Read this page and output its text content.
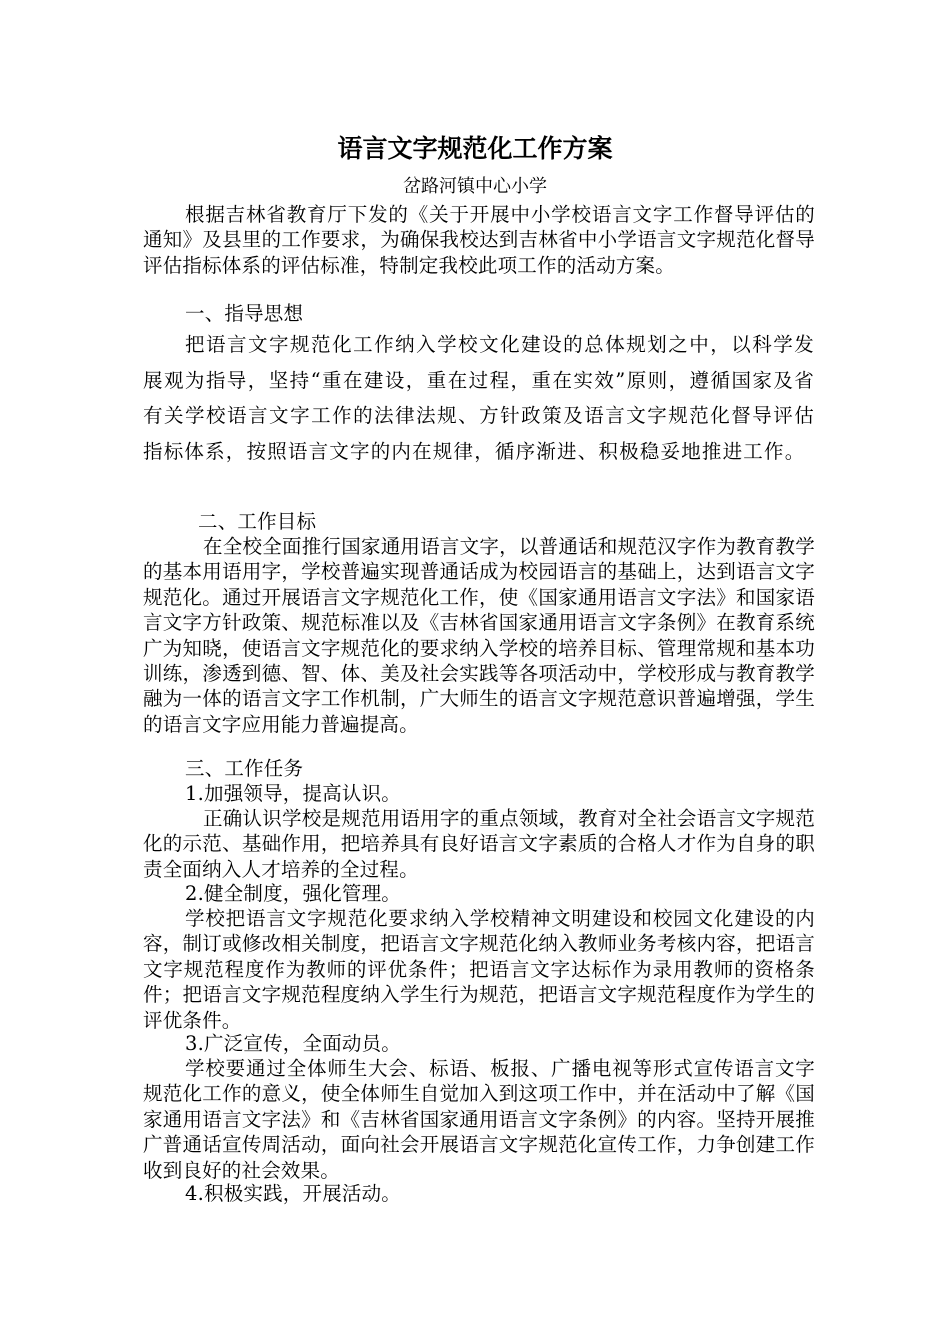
语言文字规范化工作方案
岔路河镇中心小学

根据吉林省教育厅下发的《关于开展中小学校语言文字工作督导评估的通知》及县里的工作要求，为确保我校达到吉林省中小学语言文字规范化督导评估指标体系的评估标准，特制定我校此项工作的活动方案。

一、指导思想

把语言文字规范化工作纳入学校文化建设的总体规划之中，以科学发展观为指导，坚持“重在建设，重在过程，重在实效”原则，遵循国家及省有关学校语言文字工作的法律法规、方针政策及语言文字规范化督导评估指标体系，按照语言文字的内在规律，循序渐进、积极稳妥地推进工作。

二、工作目标

在全校全面推行国家通用语言文字，以普通话和规范汉字作为教育教学的基本用语用字，学校普遍实现普通话成为校园语言的基础上，达到语言文字规范化。通过开展语言文字规范化工作，使《国家通用语言文字法》和国家语言文字方针政策、规范标准以及《吉林省国家通用语言文字条例》在教育系统广为知晓，使语言文字规范化的要求纳入学校的培养目标、管理常规和基本功训练，渗透到德、智、体、美及社会实践等各项活动中，学校形成与教育教学融为一体的语言文字工作机制，广大师生的语言文字规范意识普遍增强，学生的语言文字应用能力普遍提高。

三、工作任务

1.加强领导，提高认识。

正确认识学校是规范用语用字的重点领域，教育对全社会语言文字规范化的示范、基础作用，把培养具有良好语言文字素质的合格人才作为自身的职责全面纳入人才培养的全过程。

2.健全制度，强化管理。

学校把语言文字规范化要求纳入学校精神文明建设和校园文化建设的内容，制订或修改相关制度，把语言文字规范化纳入教师业务考核内容，把语言文字规范程度作为教师的评优条件；把语言文字达标作为录用教师的资格条件；把语言文字规范程度纳入学生行为规范，把语言文字规范程度作为学生的评优条件。

3.广泛宣传，全面动员。

学校要通过全体师生大会、标语、板报、广播电视等形式宣传语言文字规范化工作的意义，使全体师生自觉加入到这项工作中，并在活动中了解《国家通用语言文字法》和《吉林省国家通用语言文字条例》的内容。坚持开展推广普通话宣传周活动，面向社会开展语言文字规范化宣传工作，力争创建工作收到良好的社会效果。

4.积极实践，开展活动。
